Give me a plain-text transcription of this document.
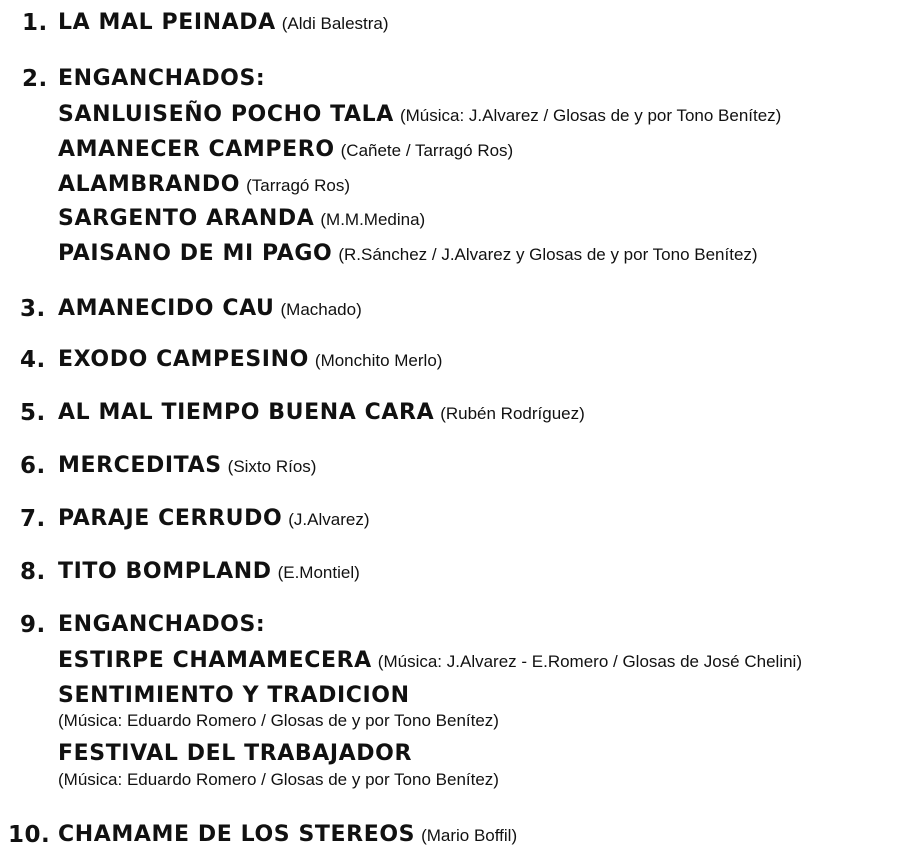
1. LA MAL PEINADA (Aldi Balestra)
2. ENGANCHADOS:
SANLUISEÑO POCHO TALA (Música: J.Alvarez / Glosas de y por Tono Benítez)
AMANECER CAMPERO (Cañete / Tarragó Ros)
ALAMBRANDO (Tarragó Ros)
SARGENTO ARANDA (M.M.Medina)
PAISANO DE MI PAGO (R.Sánchez / J.Alvarez y Glosas de y por Tono Benítez)
3. AMANECIDO CAU (Machado)
4. EXODO CAMPESINO (Monchito Merlo)
5. AL MAL TIEMPO BUENA CARA (Rubén Rodríguez)
6. MERCEDITAS (Sixto Ríos)
7. PARAJE CERRUDO (J.Alvarez)
8. TITO BOMPLAND (E.Montiel)
9. ENGANCHADOS:
ESTIRPE CHAMAMECERA (Música: J.Alvarez - E.Romero / Glosas de José Chelini)
SENTIMIENTO Y TRADICION
(Música: Eduardo Romero / Glosas de y por Tono Benítez)
FESTIVAL DEL TRABAJADOR
(Música: Eduardo Romero / Glosas de y por Tono Benítez)
10. CHAMAME DE LOS STEREOS (Mario Boffil)
